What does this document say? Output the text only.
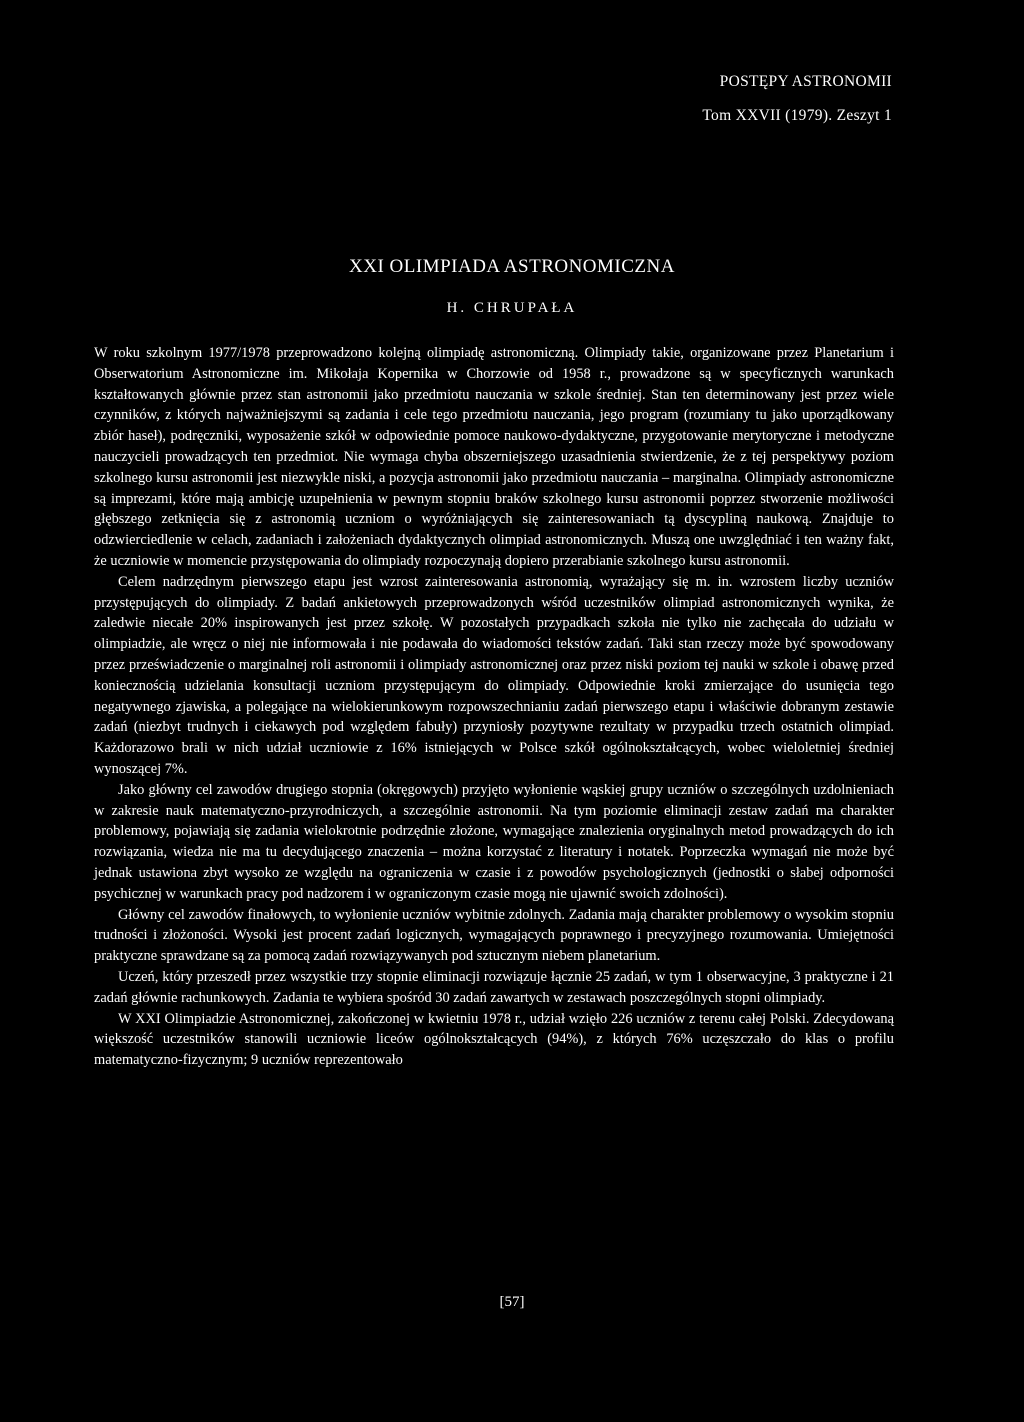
POSTĘPY ASTRONOMII
Tom XXVII (1979). Zeszyt 1
XXI OLIMPIADA ASTRONOMICZNA
H. CHRUPAŁA

W roku szkolnym 1977/1978 przeprowadzono kolejną olimpiadę astronomiczną. Olimpiady takie, organizowane przez Planetarium i Obserwatorium Astronomiczne im. Mikołaja Kopernika w Chorzowie od 1958 r., prowadzone są w specyficznych warunkach kształtowanych głównie przez stan astronomii jako przedmiotu nauczania w szkole średniej. Stan ten determinowany jest przez wiele czynników, z których najważniejszymi są zadania i cele tego przedmiotu nauczania, jego program (rozumiany tu jako uporządkowany zbiór haseł), podręczniki, wyposażenie szkół w odpowiednie pomoce naukowo-dydaktyczne, przygotowanie merytoryczne i metodyczne nauczycieli prowadzących ten przedmiot. Nie wymaga chyba obszerniejszego uzasadnienia stwierdzenie, że z tej perspektywy poziom szkolnego kursu astronomii jest niezwykle niski, a pozycja astronomii jako przedmiotu nauczania – marginalna. Olimpiady astronomiczne są imprezami, które mają ambicję uzupełnienia w pewnym stopniu braków szkolnego kursu astronomii poprzez stworzenie możliwości głębszego zetknięcia się z astronomią uczniom o wyróżniających się zainteresowaniach tą dyscypliną naukową. Znajduje to odzwierciedlenie w celach, zadaniach i założeniach dydaktycznych olimpiad astronomicznych. Muszą one uwzględniać i ten ważny fakt, że uczniowie w momencie przystępowania do olimpiady rozpoczynają dopiero przerabianie szkolnego kursu astronomii.

Celem nadrzędnym pierwszego etapu jest wzrost zainteresowania astronomią, wyrażający się m. in. wzrostem liczby uczniów przystępujących do olimpiady. Z badań ankietowych przeprowadzonych wśród uczestników olimpiad astronomicznych wynika, że zaledwie niecałe 20% inspirowanych jest przez szkołę. W pozostałych przypadkach szkoła nie tylko nie zachęcała do udziału w olimpiadzie, ale wręcz o niej nie informowała i nie podawała do wiadomości tekstów zadań. Taki stan rzeczy może być spowodowany przez przeświadczenie o marginalnej roli astronomii i olimpiady astronomicznej oraz przez niski poziom tej nauki w szkole i obawę przed koniecznością udzielania konsultacji uczniom przystępującym do olimpiady. Odpowiednie kroki zmierzające do usunięcia tego negatywnego zjawiska, a polegające na wielokierunkowym rozpowszechnianiu zadań pierwszego etapu i właściwie dobranym zestawie zadań (niezbyt trudnych i ciekawych pod względem fabuły) przyniosły pozytywne rezultaty w przypadku trzech ostatnich olimpiad. Każdorazowo brali w nich udział uczniowie z 16% istniejących w Polsce szkół ogólnokształcących, wobec wieloletniej średniej wynoszącej 7%.

Jako główny cel zawodów drugiego stopnia (okręgowych) przyjęto wyłonienie wąskiej grupy uczniów o szczególnych uzdolnieniach w zakresie nauk matematyczno-przyrodniczych, a szczególnie astronomii. Na tym poziomie eliminacji zestaw zadań ma charakter problemowy, pojawiają się zadania wielokrotnie podrzędnie złożone, wymagające znalezienia oryginalnych metod prowadzących do ich rozwiązania, wiedza nie ma tu decydującego znaczenia – można korzystać z literatury i notatek. Poprzeczka wymagań nie może być jednak ustawiona zbyt wysoko ze względu na ograniczenia w czasie i z powodów psychologicznych (jednostki o słabej odporności psychicznej w warunkach pracy pod nadzorem i w ograniczonym czasie mogą nie ujawnić swoich zdolności).

Główny cel zawodów finałowych, to wyłonienie uczniów wybitnie zdolnych. Zadania mają charakter problemowy o wysokim stopniu trudności i złożoności. Wysoki jest procent zadań logicznych, wymagających poprawnego i precyzyjnego rozumowania. Umiejętności praktyczne sprawdzane są za pomocą zadań rozwiązywanych pod sztucznym niebem planetarium.

Uczeń, który przeszedł przez wszystkie trzy stopnie eliminacji rozwiązuje łącznie 25 zadań, w tym 1 obserwacyjne, 3 praktyczne i 21 zadań głównie rachunkowych. Zadania te wybiera spośród 30 zadań zawartych w zestawach poszczególnych stopni olimpiady.

W XXI Olimpiadzie Astronomicznej, zakończonej w kwietniu 1978 r., udział wzięło 226 uczniów z terenu całej Polski. Zdecydowaną większość uczestników stanowili uczniowie liceów ogólnokształcących (94%), z których 76% uczęszczało do klas o profilu matematyczno-fizycznym; 9 uczniów reprezentowało

[57]
